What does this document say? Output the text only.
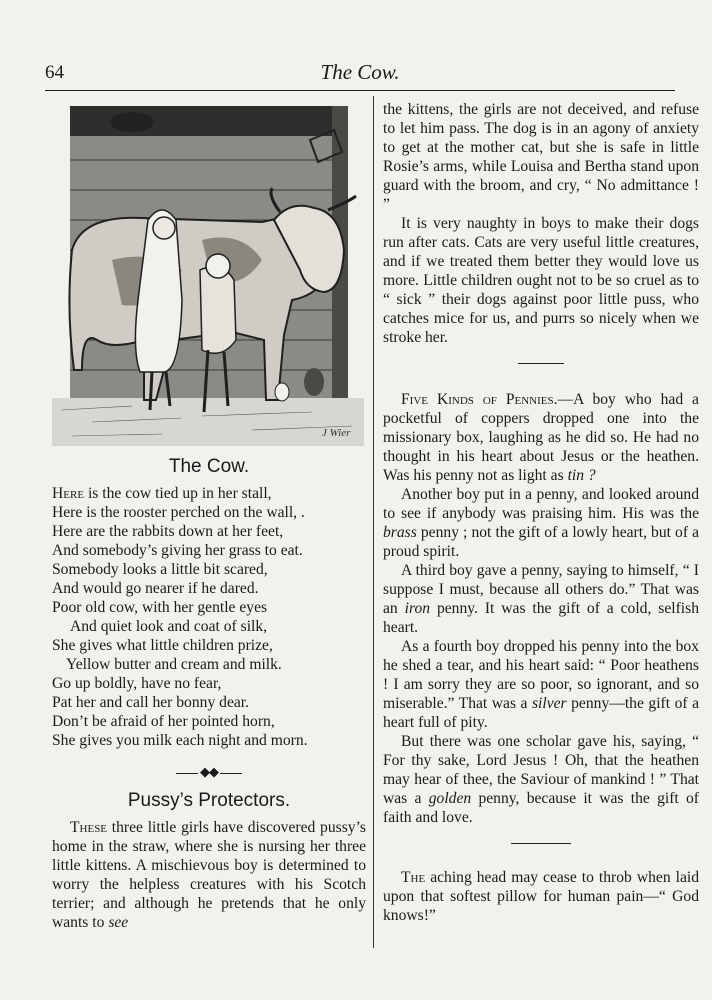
64	The Cow.
J Wier
The Cow.
Here is the cow tied up in her stall,
Here is the rooster perched on the wall, .
Here are the rabbits down at her feet,
And somebody’s giving her grass to eat.
Somebody looks a little bit scared,
And would go nearer if he dared.
Poor old cow, with her gentle eyes
And quiet look and coat of silk,
She gives what little children prize,
Yellow butter and cream and milk.
Go up boldly, have no fear,
Pat her and call her bonny dear.
Don’t be afraid of her pointed horn,
She gives you milk each night and morn.
◆◆
Pussy’s Protectors.

These three little girls have discovered pussy’s home in the straw, where she is nursing her three little kittens. A mischievous boy is determined to worry the helpless creatures with his Scotch terrier; and although he pretends that he only wants to see

the kittens, the girls are not deceived, and refuse to let him pass. The dog is in an agony of anxiety to get at the mother cat, but she is safe in little Rosie’s arms, while Louisa and Bertha stand upon guard with the broom, and cry, “ No admittance ! ”

It is very naughty in boys to make their dogs run after cats. Cats are very useful little creatures, and if we treated them better they would love us more. Little children ought not to be so cruel as to “ sick ” their dogs against poor little puss, who catches mice for us, and purrs so nicely when we stroke her.

Five Kinds of Pennies.—A boy who had a pocketful of coppers dropped one into the missionary box, laughing as he did so. He had no thought in his heart about Jesus or the heathen. Was his penny not as light as tin ?

Another boy put in a penny, and looked around to see if anybody was praising him. His was the brass penny ; not the gift of a lowly heart, but of a proud spirit.

A third boy gave a penny, saying to himself, “ I suppose I must, because all others do.” That was an iron penny. It was the gift of a cold, selfish heart.

As a fourth boy dropped his penny into the box he shed a tear, and his heart said: “ Poor heathens ! I am sorry they are so poor, so ignorant, and so miserable.” That was a silver penny—the gift of a heart full of pity.

But there was one scholar gave his, saying, “ For thy sake, Lord Jesus ! Oh, that the heathen may hear of thee, the Saviour of mankind ! ” That was a golden penny, because it was the gift of faith and love.

The aching head may cease to throb when laid upon that softest pillow for human pain—“ God knows!”
